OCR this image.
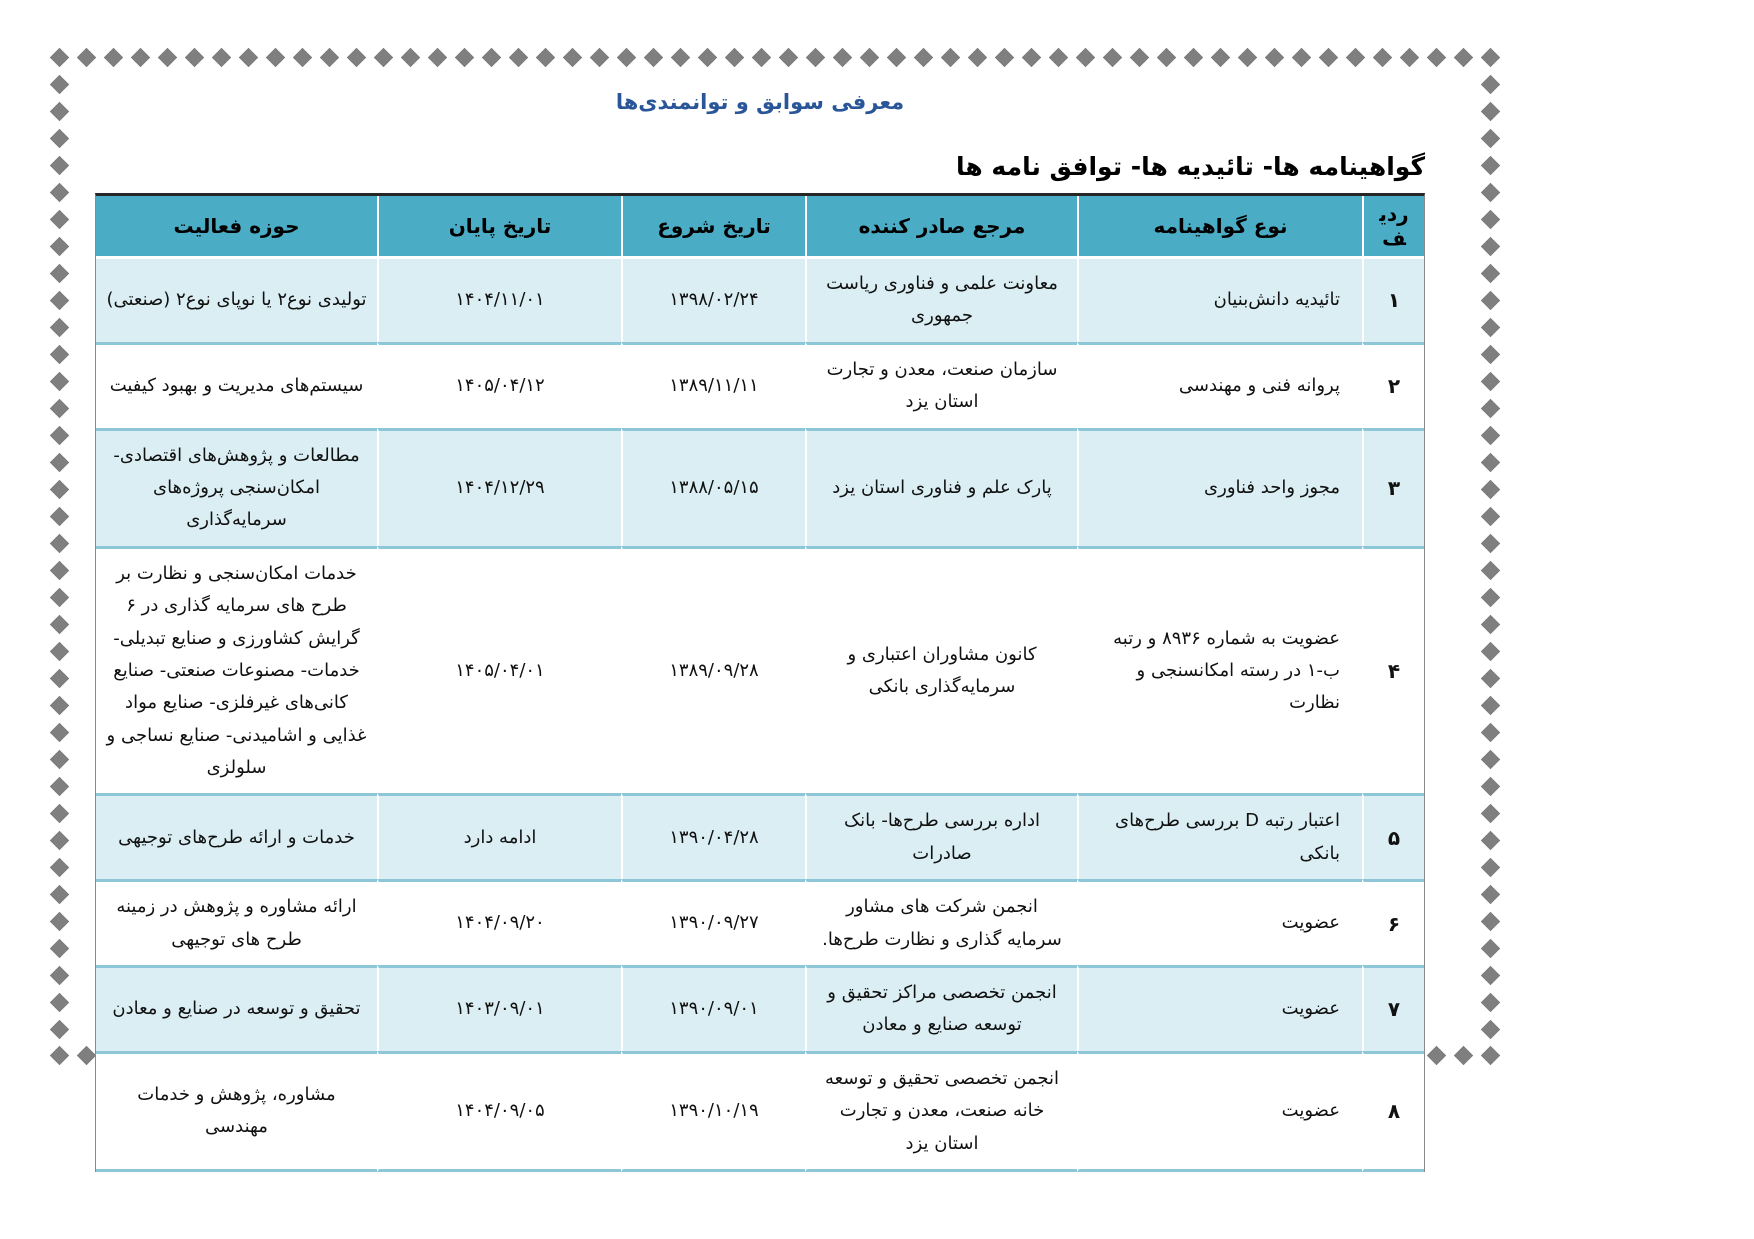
معرفی سوابق و توانمندی‌ها
گواهینامه ها- تائیدیه ها- توافق نامه ها
ردیف	نوع گواهینامه	مرجع صادر کننده	تاریخ شروع	تاریخ پایان	حوزه فعالیت
۱	تائیدیه دانش‌بنیان	معاونت علمی و فناوری ریاست جمهوری	۱۳۹۸/۰۲/۲۴	۱۴۰۴/۱۱/۰۱	تولیدی نوع۲ یا نوپای نوع۲ (صنعتی)
۲	پروانه فنی و مهندسی	سازمان صنعت، معدن و تجارت استان یزد	۱۳۸۹/۱۱/۱۱	۱۴۰۵/۰۴/۱۲	سیستم‌های مدیریت و بهبود کیفیت
۳	مجوز واحد فناوری	پارک علم و فناوری استان یزد	۱۳۸۸/۰۵/۱۵	۱۴۰۴/۱۲/۲۹	مطالعات و پژوهش‌های اقتصادی- امکان‌سنجی پروژه‌های سرمایه‌گذاری
۴	عضویت به شماره ۸۹۳۶ و رتبه ب-۱ در رسته امکانسنجی و نظارت	کانون مشاوران اعتباری و سرمایه‌گذاری بانکی	۱۳۸۹/۰۹/۲۸	۱۴۰۵/۰۴/۰۱	خدمات امکان‌سنجی و نظارت بر طرح های سرمایه گذاری در ۶ گرایش کشاورزی و صنایع تبدیلی- خدمات- مصنوعات صنعتی- صنایع کانی‌های غیرفلزی- صنایع مواد غذایی و اشامیدنی- صنایع نساجی و سلولزی
۵	اعتبار رتبه D بررسی طرح‌های بانکی	اداره بررسی طرح‌ها- بانک صادرات	۱۳۹۰/۰۴/۲۸	ادامه دارد	خدمات و ارائه طرح‌های توجیهی
۶	عضویت	انجمن شرکت های مشاور سرمایه گذاری و نظارت طرح‌ها.	۱۳۹۰/۰۹/۲۷	۱۴۰۴/۰۹/۲۰	ارائه مشاوره و پژوهش در زمینه طرح های توجیهی
۷	عضویت	انجمن تخصصی مراکز تحقیق و توسعه صنایع و معادن	۱۳۹۰/۰۹/۰۱	۱۴۰۳/۰۹/۰۱	تحقیق و توسعه در صنایع و معادن
۸	عضویت	انجمن تخصصی تحقیق و توسعه خانه صنعت، معدن و تجارت استان یزد	۱۳۹۰/۱۰/۱۹	۱۴۰۴/۰۹/۰۵	مشاوره، پژوهش و خدمات مهندسی
